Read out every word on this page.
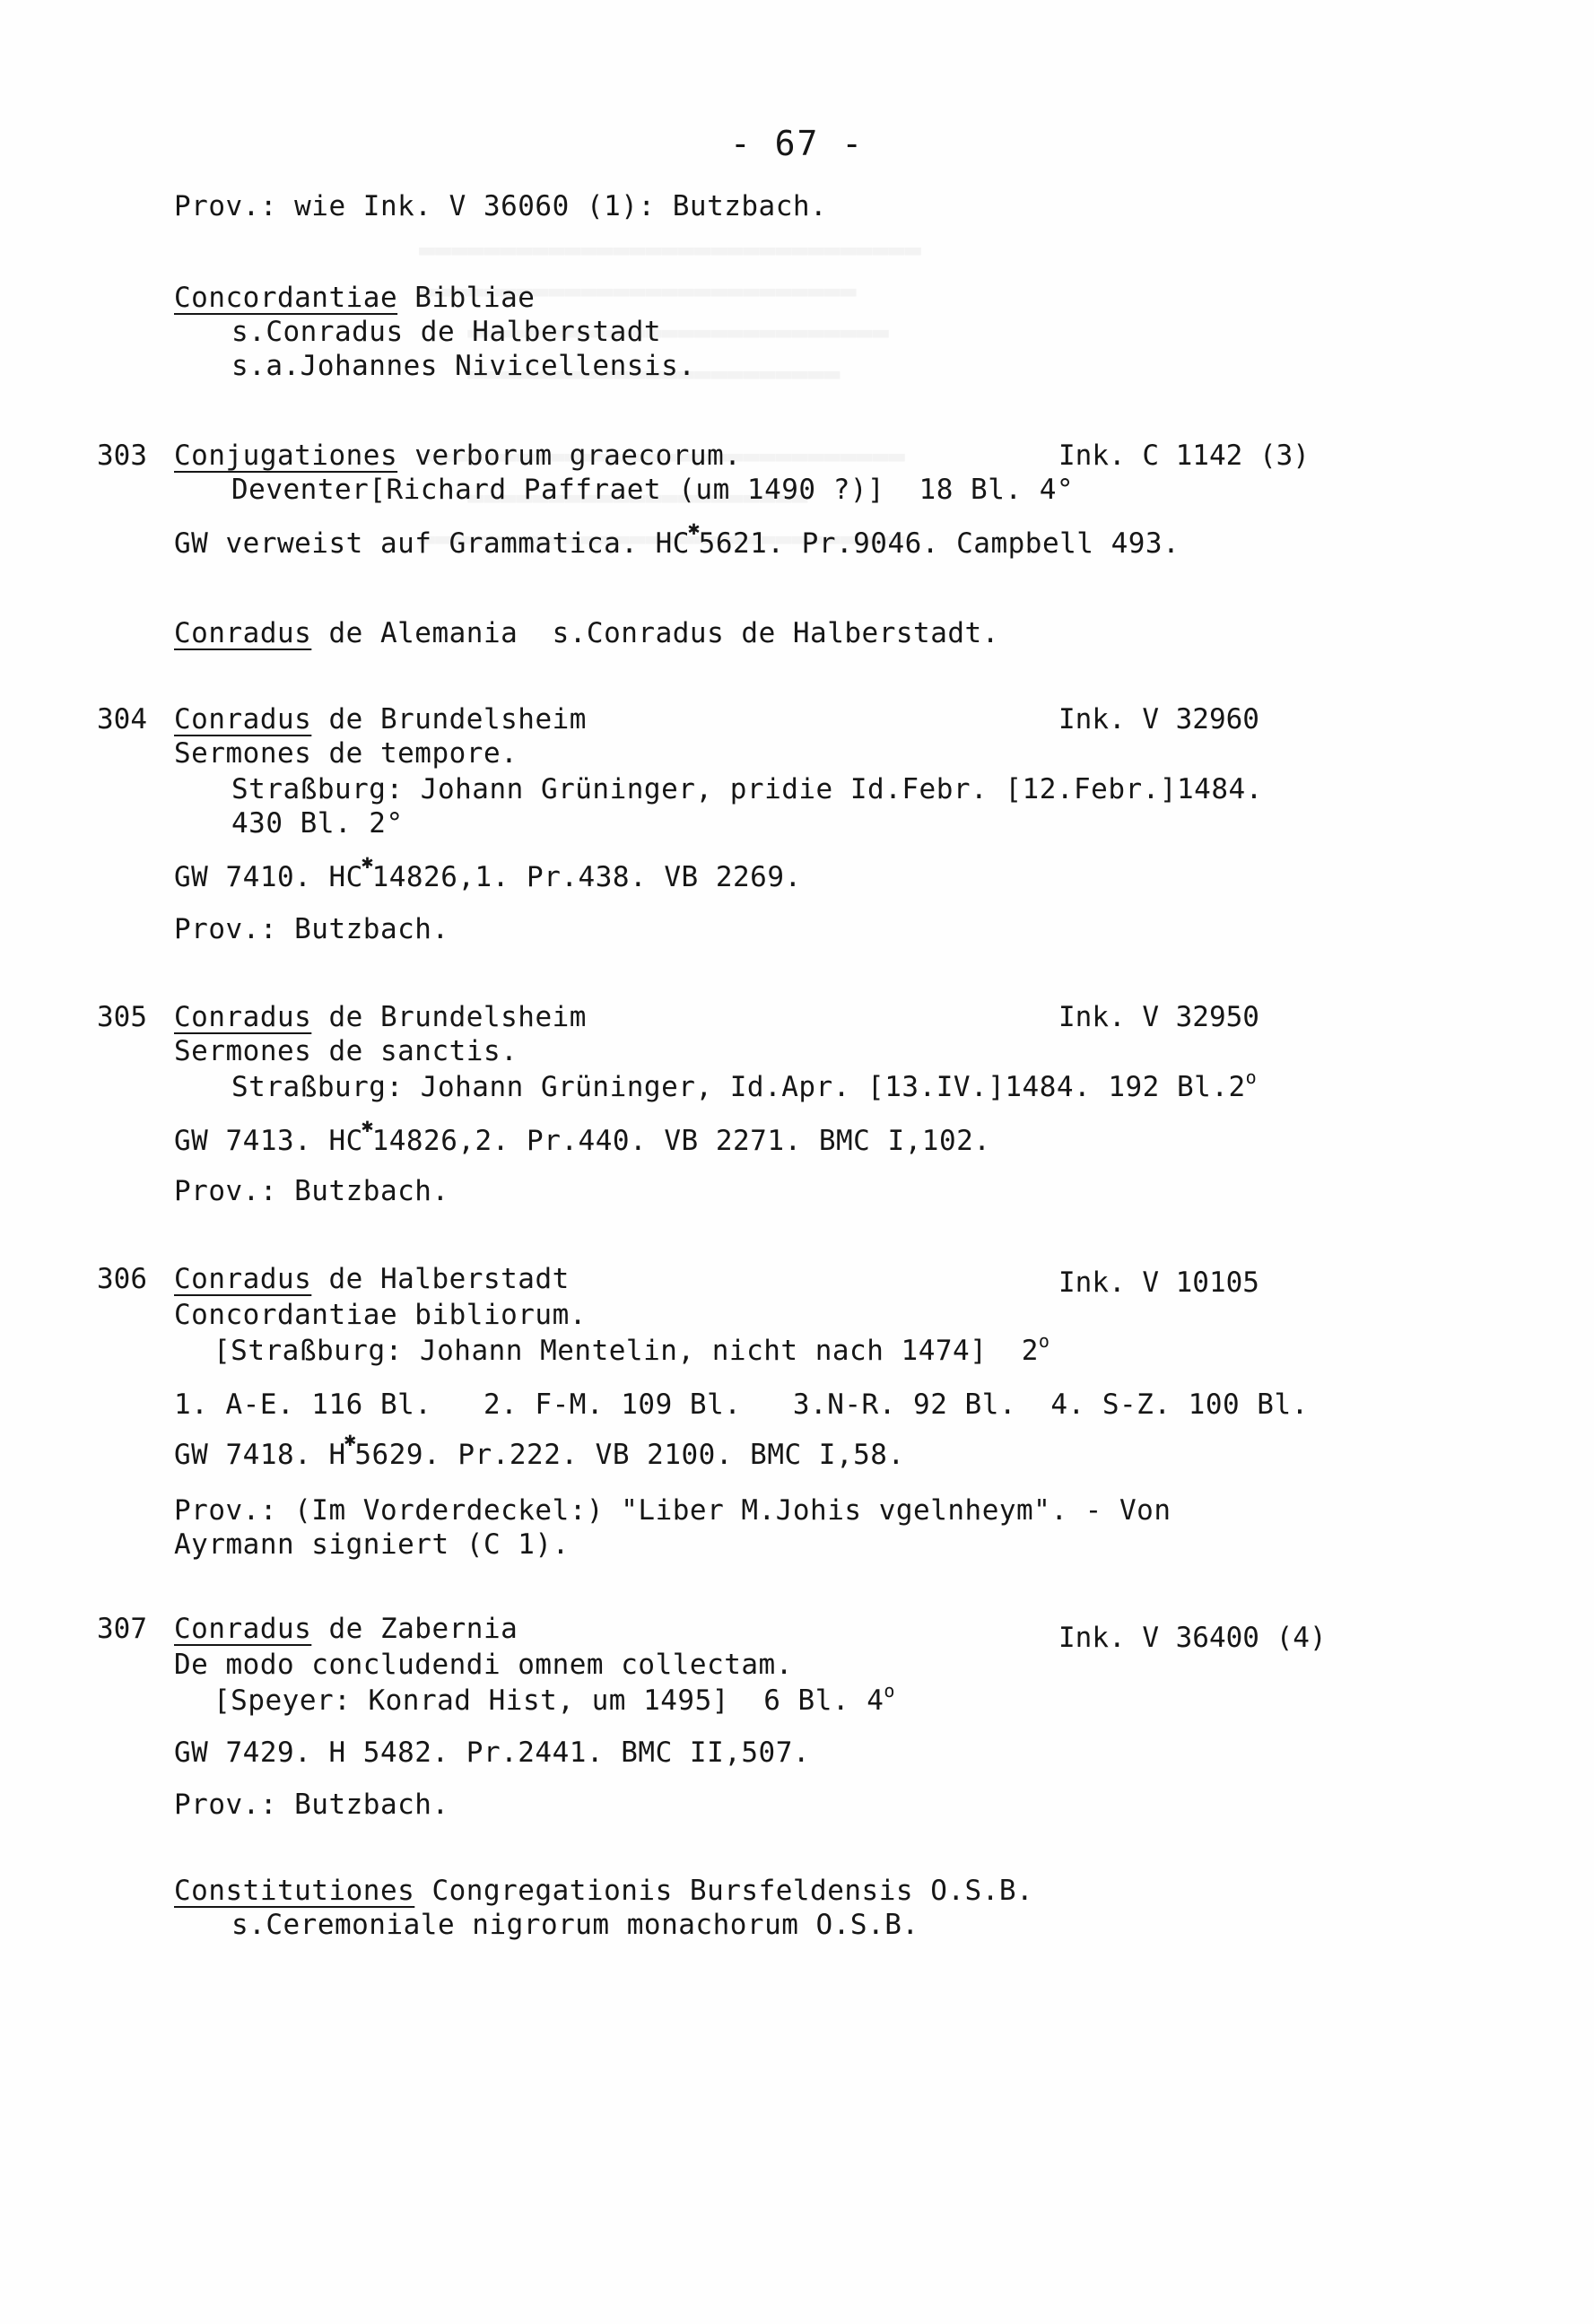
- 67 -
Prov.: wie Ink. V 36060 (1): Butzbach.
Concordantiae Bibliae
s.Conradus de Halberstadt
s.a.Johannes Nivicellensis.
303 Conjugationes verborum graecorum.	Ink. C 1142 (3)
Deventer[Richard Paffraet (um 1490 ?)] 18 Bl. 4°
GW verweist auf Grammatica. HC✱5621. Pr.9046. Campbell 493.
Conradus de Alemania  s.Conradus de Halberstadt.
304 Conradus de Brundelsheim	Ink. V 32960
Sermones de tempore.
Straßburg: Johann Grüninger, pridie Id.Febr. [12.Febr.]1484.
430 Bl. 2°
GW 7410. HC✱14826,1. Pr.438. VB 2269.
Prov.: Butzbach.
305 Conradus de Brundelsheim	Ink. V 32950
Sermones de sanctis.
Straßburg: Johann Grüninger, Id.Apr. [13.IV.]1484. 192 Bl.2$^o$
GW 7413. HC✱14826,2. Pr.440. VB 2271. BMC I,102.
Prov.: Butzbach.
306 Conradus de Halberstadt	Ink. V 10105
Concordantiae bibliorum.
[Straßburg: Johann Mentelin, nicht nach 1474]  2$^o$
1. A-E. 116 Bl.   2. F-M. 109 Bl.   3.N-R. 92 Bl.  4. S-Z. 100 Bl.
GW 7418. H✱5629. Pr.222. VB 2100. BMC I,58.
Prov.: (Im Vorderdeckel:) "Liber M.Johis vgelnheym". - Von
Ayrmann signiert (C 1).
307 Conradus de Zabernia	Ink. V 36400 (4)
De modo concludendi omnem collectam.
[Speyer: Konrad Hist, um 1495]  6 Bl. 4$^o$
GW 7429. H 5482. Pr.2441. BMC II,507.
Prov.: Butzbach.
Constitutiones Congregationis Bursfeldensis O.S.B.
s.Ceremoniale nigrorum monachorum O.S.B.
